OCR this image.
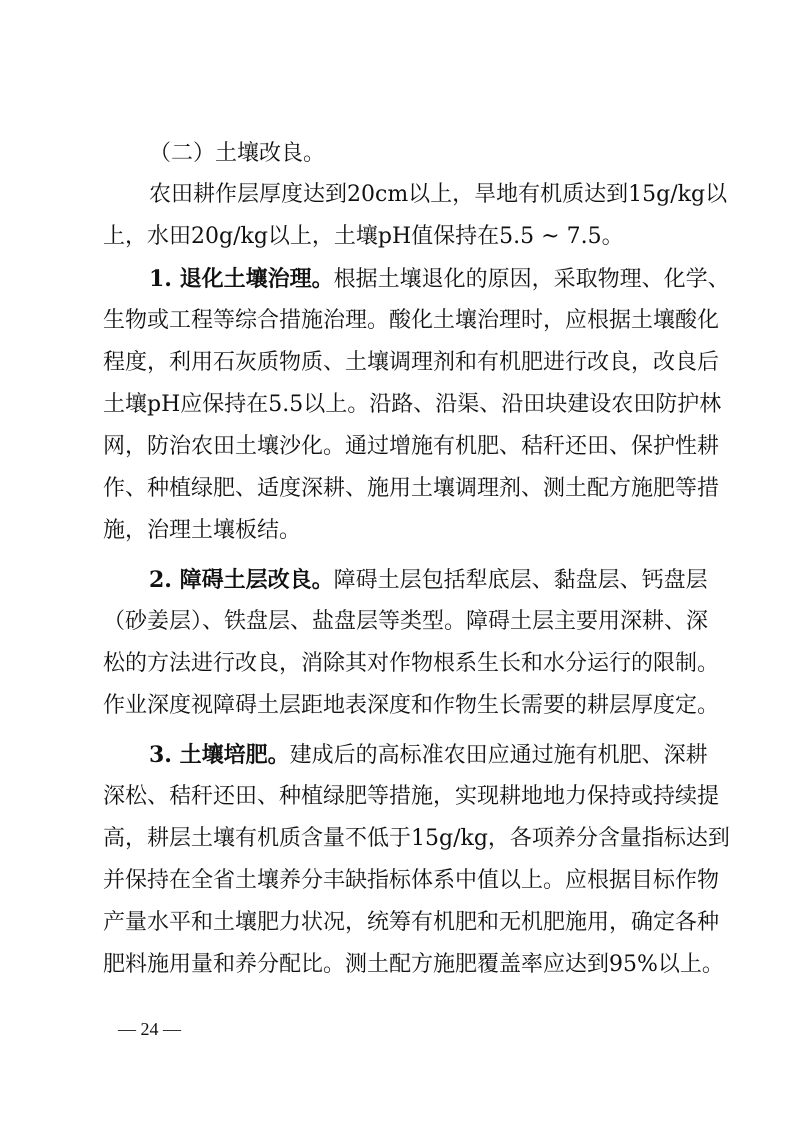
（二）土壤改良。
农田耕作层厚度达到20cm以上，旱地有机质达到15g/kg以
上，水田20g/kg以上，土壤pH值保持在5.5 ~ 7.5。
1. 退化土壤治理。根据土壤退化的原因，采取物理、化学、
生物或工程等综合措施治理。酸化土壤治理时，应根据土壤酸化
程度，利用石灰质物质、土壤调理剂和有机肥进行改良，改良后
土壤pH应保持在5.5以上。沿路、沿渠、沿田块建设农田防护林
网，防治农田土壤沙化。通过增施有机肥、秸秆还田、保护性耕
作、种植绿肥、适度深耕、施用土壤调理剂、测土配方施肥等措
施，治理土壤板结。
2. 障碍土层改良。障碍土层包括犁底层、黏盘层、钙盘层
（砂姜层）、铁盘层、盐盘层等类型。障碍土层主要用深耕、深
松的方法进行改良，消除其对作物根系生长和水分运行的限制。
作业深度视障碍土层距地表深度和作物生长需要的耕层厚度定。
3. 土壤培肥。建成后的高标准农田应通过施有机肥、深耕
深松、秸秆还田、种植绿肥等措施，实现耕地地力保持或持续提
高，耕层土壤有机质含量不低于15g/kg，各项养分含量指标达到
并保持在全省土壤养分丰缺指标体系中值以上。应根据目标作物
产量水平和土壤肥力状况，统筹有机肥和无机肥施用，确定各种
肥料施用量和养分配比。测土配方施肥覆盖率应达到95%以上。
— 24 —
